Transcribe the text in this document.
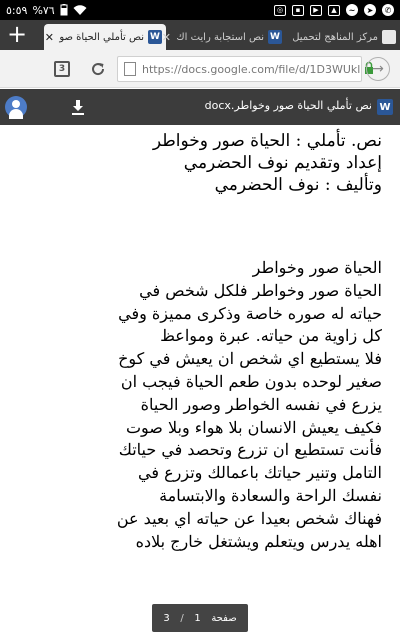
٥:٥٩ %٧٦	◎	▪	▶	▲	~	➤	✆
+	W
نص تأملي الحياة صو
✕	W
نص استجابة رايت اك
✕	مركز المناهج لتحميل
3	https://docs.google.com/file/d/1D3WUkl →
نص تأملي الحياة صور وخواطر.docx W
نص. تأملي : الحياة صور وخواطر
إعداد وتقديم نوف الحضرمي
وتأليف : نوف الحضرمي
الحياة صور وخواطر
الحياة صور وخواطر فلكل شخص في
حياته له صوره خاصة وذكرى مميزة وفي
كل زاوية من حياته. عبرة ومواعظ
فلا يستطيع اي شخص ان يعيش في كوخ
صغير لوحده بدون طعم الحياة فيجب ان
يزرع في نفسه الخواطر وصور الحياة
فكيف يعيش الانسان بلا هواء وبلا صوت
فأنت تستطيع ان تزرع وتحصد في حياتك
التامل وتنير حياتك باعمالك وتزرع في
نفسك الراحة والسعادة والابتسامة
فهناك شخص بعيدا عن حياته اي بعيد عن
اهله يدرس ويتعلم ويشتغل خارج بلاده
3 / 1 صفحة
